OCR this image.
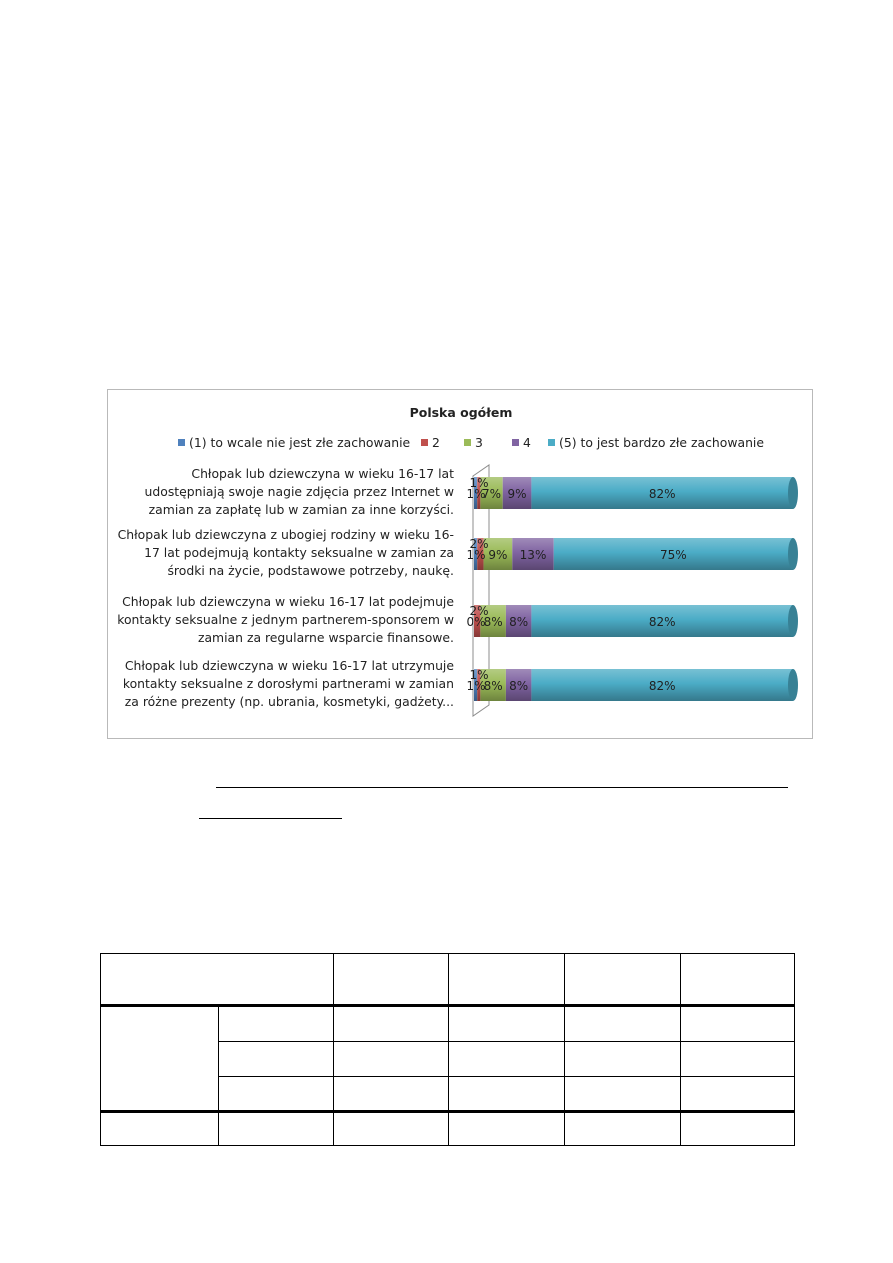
Polska ogółem
(1) to wcale nie jest złe zachowanie 2	3	4 (5) to jest bardzo złe zachowanie
Chłopak lub dziewczyna w wieku 16-17 lat udostępniają swoje nagie zdjęcia przez Internet w zamian za zapłatę lub w zamian za inne korzyści.
Chłopak lub dziewczyna z ubogiej rodziny w wieku 16-17 lat podejmują kontakty seksualne w zamian za środki na życie, podstawowe potrzeby, naukę.
Chłopak lub dziewczyna w wieku 16-17 lat podejmuje kontakty seksualne z jednym partnerem-sponsorem w zamian za regularne wsparcie finansowe.
Chłopak lub dziewczyna w wieku 16-17 lat utrzymuje kontakty seksualne z dorosłymi partnerami w zamian za różne prezenty (np. ubrania, kosmetyki, gadżety...
1%
1%
7% 9%	82%
1%
2%
9% 13%	75%
0%
2%
8% 8%	82%
1%
1%
8% 8%	82%
